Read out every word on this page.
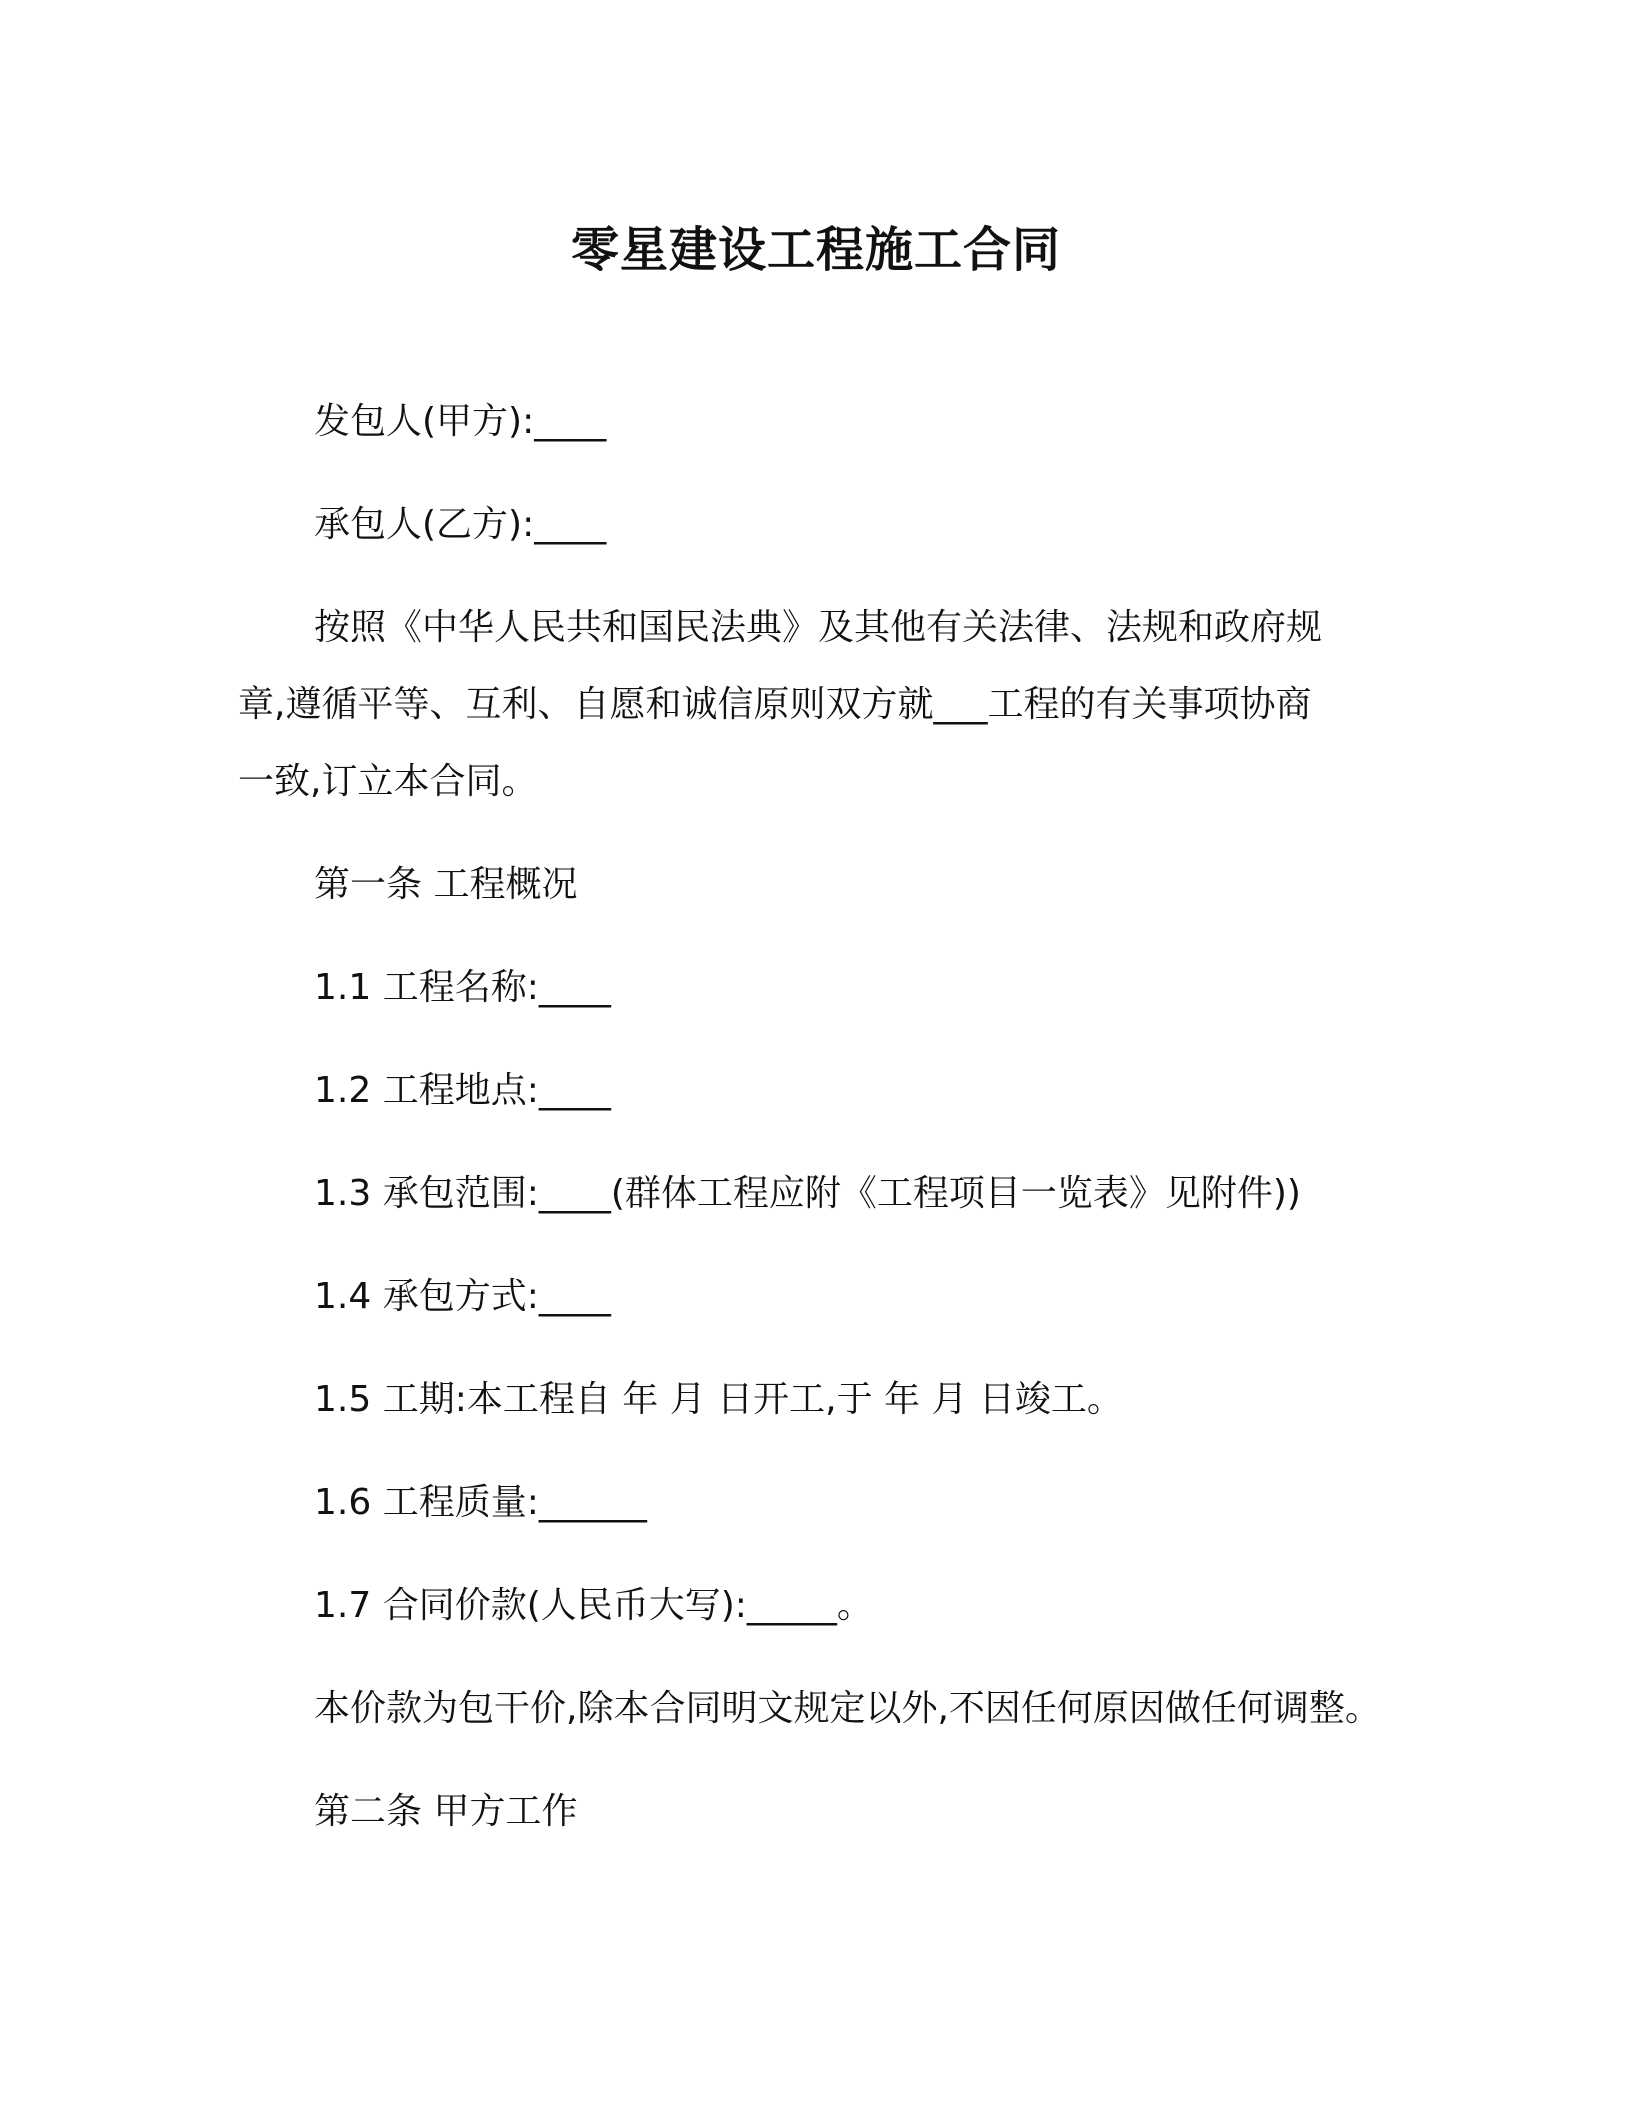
零星建设工程施工合同
发包人(甲方):____
承包人(乙方):____
按照《中华人民共和国民法典》及其他有关法律、法规和政府规
章,遵循平等、互利、自愿和诚信原则双方就___工程的有关事项协商
一致,订立本合同。
第一条 工程概况
1.1 工程名称:____
1.2 工程地点:____
1.3 承包范围:____(群体工程应附《工程项目一览表》见附件))
1.4 承包方式:____
1.5 工期:本工程自 年 月 日开工,于 年 月 日竣工。
1.6 工程质量:______
1.7 合同价款(人民币大写):_____。
本价款为包干价,除本合同明文规定以外,不因任何原因做任何调整。
第二条 甲方工作
